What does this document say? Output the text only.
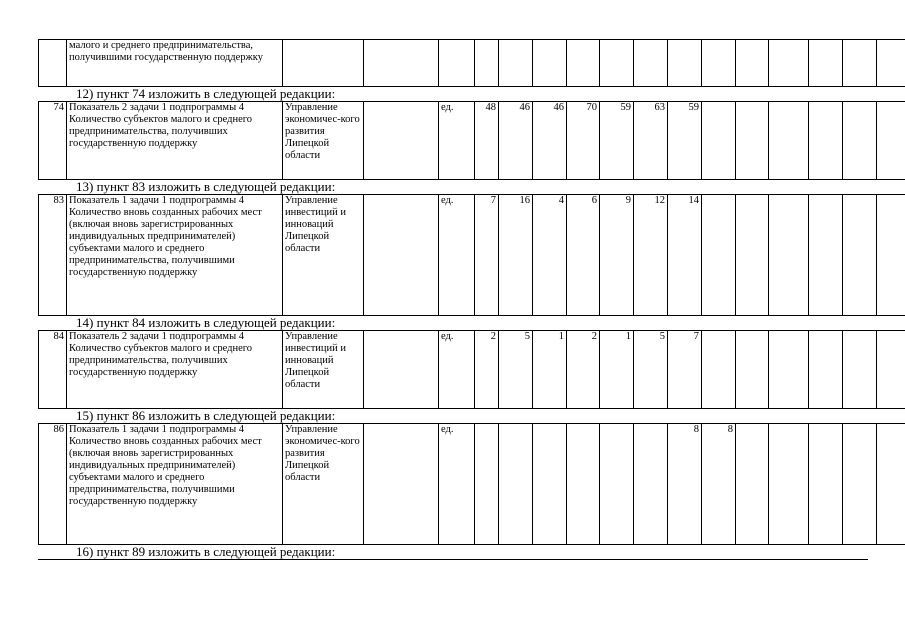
	малого и среднего предпринимательства, получившими государственную поддержку																
12) пункт 74 изложить в следующей редакции:
74	Показатель 2 задачи 1 подпрограммы 4 Количество субъектов малого и среднего предпринимательства, получивших государственную поддержку	Управление экономичес-кого развития Липецкой области		ед.	48	46	46	70	59	63	59						
13) пункт 83 изложить в следующей редакции:
83	Показатель 1 задачи 1 подпрограммы 4 Количество вновь созданных рабочих мест (включая вновь зарегистрированных индивидуальных предпринимателей) субъектами малого и среднего предпринимательства, получившими государственную поддержку	Управление инвестиций и инноваций Липецкой области		ед.	7	16	4	6	9	12	14						
14) пункт 84 изложить в следующей редакции:
84	Показатель 2 задачи 1 подпрограммы 4 Количество субъектов малого и среднего предпринимательства, получивших государственную поддержку	Управление инвестиций и инноваций Липецкой области		ед.	2	5	1	2	1	5	7						
15) пункт 86 изложить в следующей редакции:
86	Показатель 1 задачи 1 подпрограммы 4 Количество вновь созданных рабочих мест (включая вновь зарегистрированных индивидуальных предпринимателей) субъектами малого и среднего предпринимательства, получившими государственную поддержку	Управление экономичес-кого развития Липецкой области		ед.							8	8					
16) пункт 89 изложить в следующей редакции:
